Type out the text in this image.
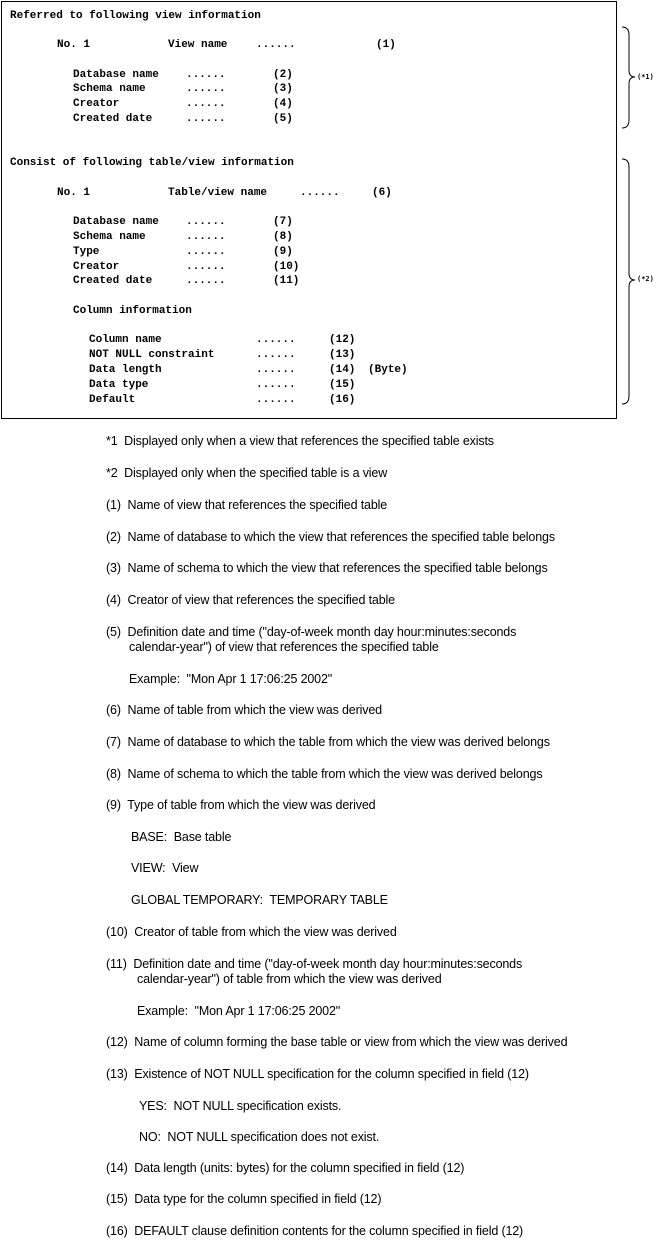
Referred to following view information
No. 1	View name	......	(1)
Database name ......	(2)
Schema name	......	(3)
Creator	......	(4)
Created date	......	(5)
Consist of following table/view information
No. 1	Table/view name	......	(6)
Database name ......	(7)
Schema name	......	(8)
Type	......	(9)
Creator	......	(10)
Created date	......	(11)
Column information
Column name	......	(12)
NOT NULL constraint	......	(13)
Data length	......	(14) (Byte)
Data type	......	(15)
Default	......	(16)
(*1)
(*2)
*1  Displayed only when a view that references the specified table exists
*2  Displayed only when the specified table is a view
(1)  Name of view that references the specified table
(2)  Name of database to which the view that references the specified table belongs
(3)  Name of schema to which the view that references the specified table belongs
(4)  Creator of view that references the specified table
(5)  Definition date and time ("day-of-week month day hour:minutes:seconds
calendar-year") of view that references the specified table
Example:  "Mon Apr 1 17:06:25 2002"
(6)  Name of table from which the view was derived
(7)  Name of database to which the table from which the view was derived belongs
(8)  Name of schema to which the table from which the view was derived belongs
(9)  Type of table from which the view was derived
BASE:  Base table
VIEW:  View
GLOBAL TEMPORARY:  TEMPORARY TABLE
(10)  Creator of table from which the view was derived
(11)  Definition date and time ("day-of-week month day hour:minutes:seconds
calendar-year") of table from which the view was derived
Example:  "Mon Apr 1 17:06:25 2002"
(12)  Name of column forming the base table or view from which the view was derived
(13)  Existence of NOT NULL specification for the column specified in field (12)
YES:  NOT NULL specification exists.
NO:  NOT NULL specification does not exist.
(14)  Data length (units: bytes) for the column specified in field (12)
(15)  Data type for the column specified in field (12)
(16)  DEFAULT clause definition contents for the column specified in field (12)
